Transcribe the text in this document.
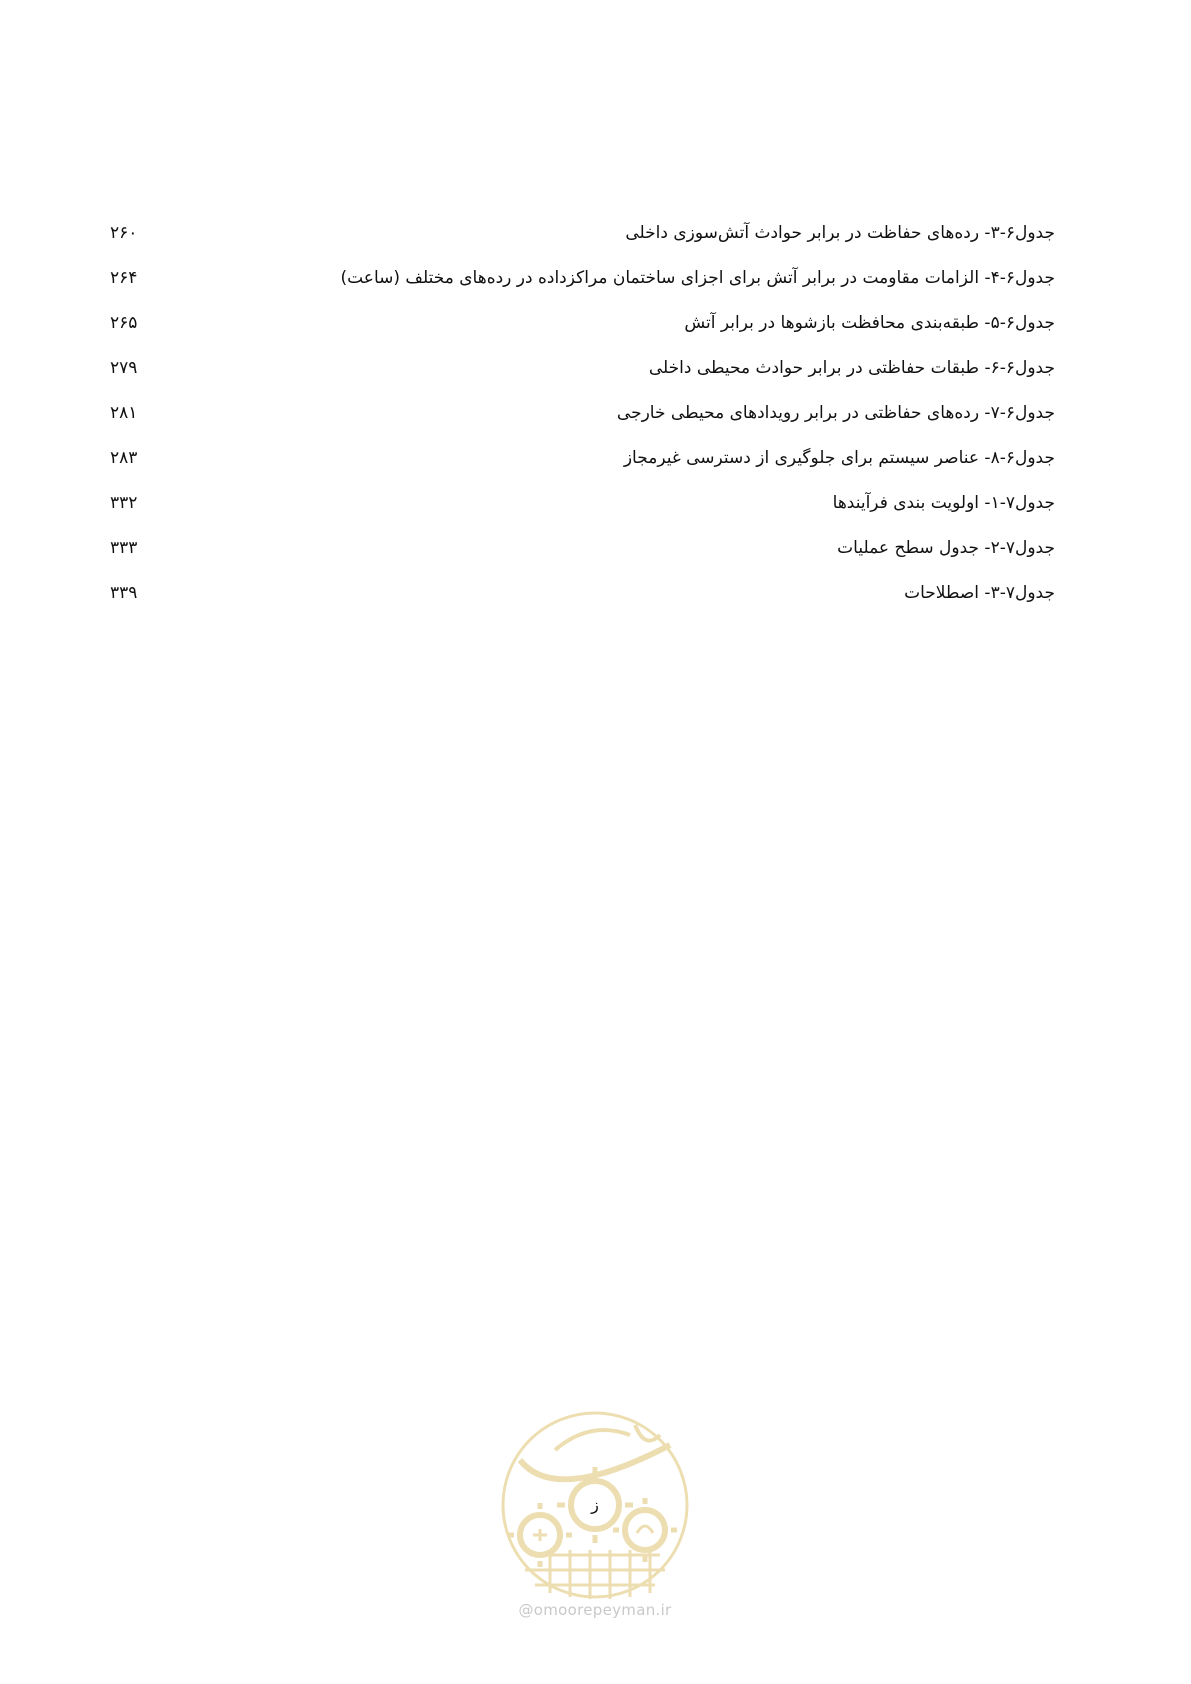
جدول۶-۳- رده‌های حفاظت در برابر حوادث آتش‌سوزی داخلی
۲۶۰
جدول۶-۴- الزامات مقاومت در برابر آتش برای اجزای ساختمان مراکزداده در رده‌های مختلف (ساعت)
۲۶۴
جدول۶-۵- طبقه‌بندی محافظت بازشوها در برابر آتش
۲۶۵
جدول۶-۶- طبقات حفاظتی در برابر حوادث محیطی داخلی
۲۷۹
جدول۶-۷- رده‌های حفاظتی در برابر رویدادهای محیطی خارجی
۲۸۱
جدول۶-۸- عناصر سیستم برای جلوگیری از دسترسی غیرمجاز
۲۸۳
جدول۷-۱- اولویت بندی فرآیندها
۳۳۲
جدول۷-۲- جدول سطح عملیات
۳۳۳
جدول۷-۳- اصطلاحات
۳۳۹
ز
@omoorepeyman.ir
